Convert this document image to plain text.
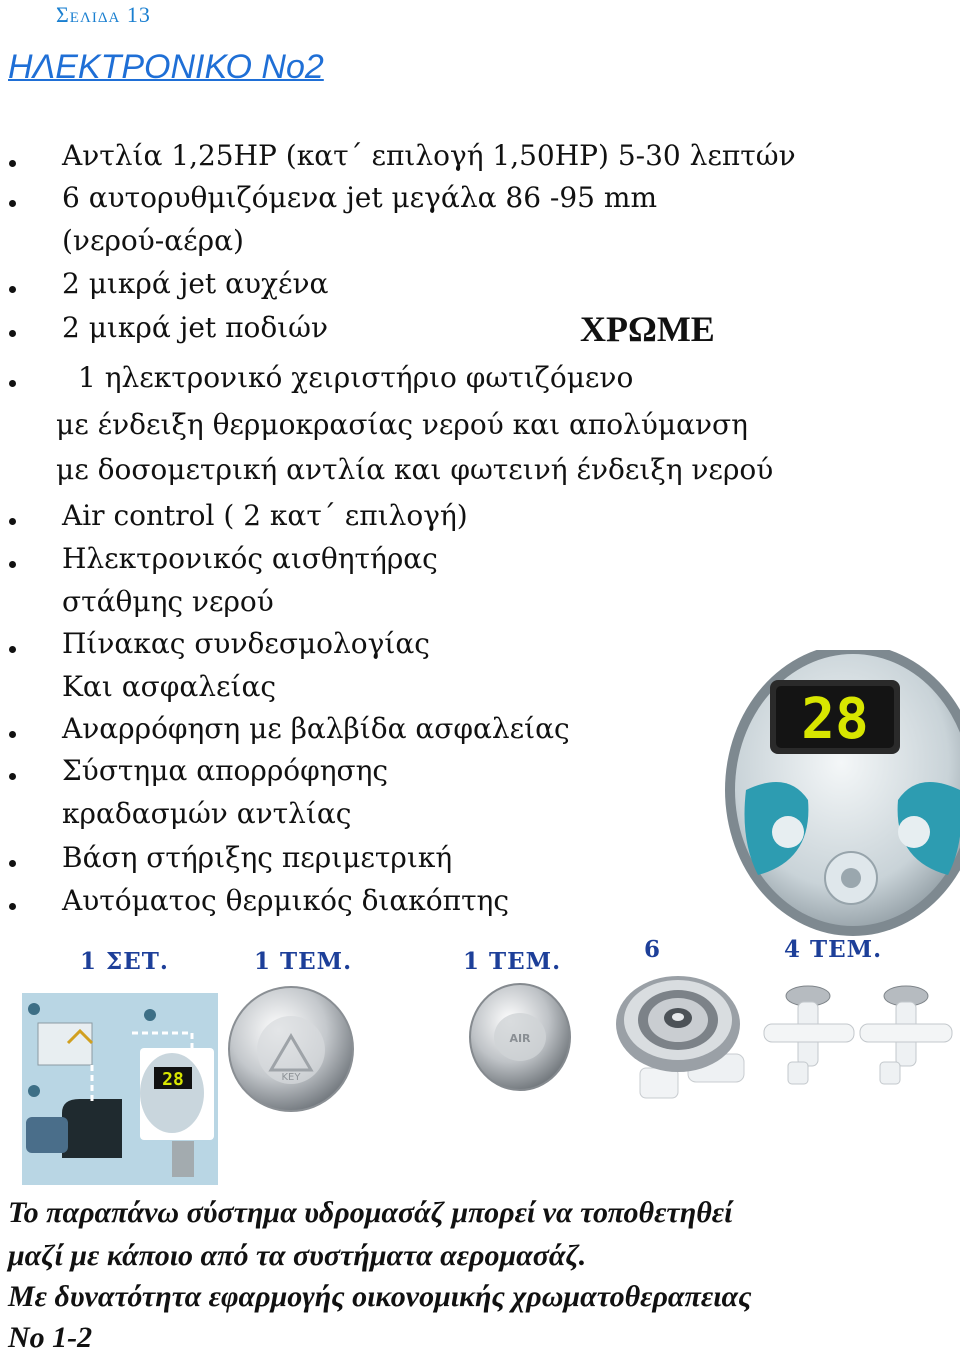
Σελιδα 13
ΗΛΕΚΤΡΟΝΙΚΟ Νο2
Αντλία 1,25HP (κατ΄ επιλογή 1,50HP) 5-30 λεπτών
6 αυτορυθμιζόμενα jet μεγάλα 86 -95 mm
(νερού-αέρα)
2 μικρά jet αυχένα
2 μικρά jet ποδιών
1 ηλεκτρονικό χειριστήριο φωτιζόμενο
με ένδειξη θερμοκρασίας νερού και απολύμανση
με δοσομετρική αντλία και φωτεινή ένδειξη νερού
Air control ( 2 κατ΄ επιλογή)
Ηλεκτρονικός αισθητήρας
στάθμης νερού
Πίνακας συνδεσμολογίας
Και ασφαλείας
Αναρρόφηση με βαλβίδα ασφαλείας
Σύστημα απορρόφησης
κραδασμών αντλίας
Βάση στήριξης περιμετρική
Αυτόματος θερμικός διακόπτης
ΧΡΩΜΕ
28
1 ΣΕΤ.	1 ΤΕΜ.	1 ΤΕΜ.	6	4 ΤΕΜ.
28	KEY
AIR
Το παραπάνω σύστημα υδρομασάζ μπορεί να τοποθετηθεί
μαζί με κάποιο από τα συστήματα αερομασάζ.
Με δυνατότητα εφαρμογής οικονομικής χρωματοθεραπειας
Νο 1-2
